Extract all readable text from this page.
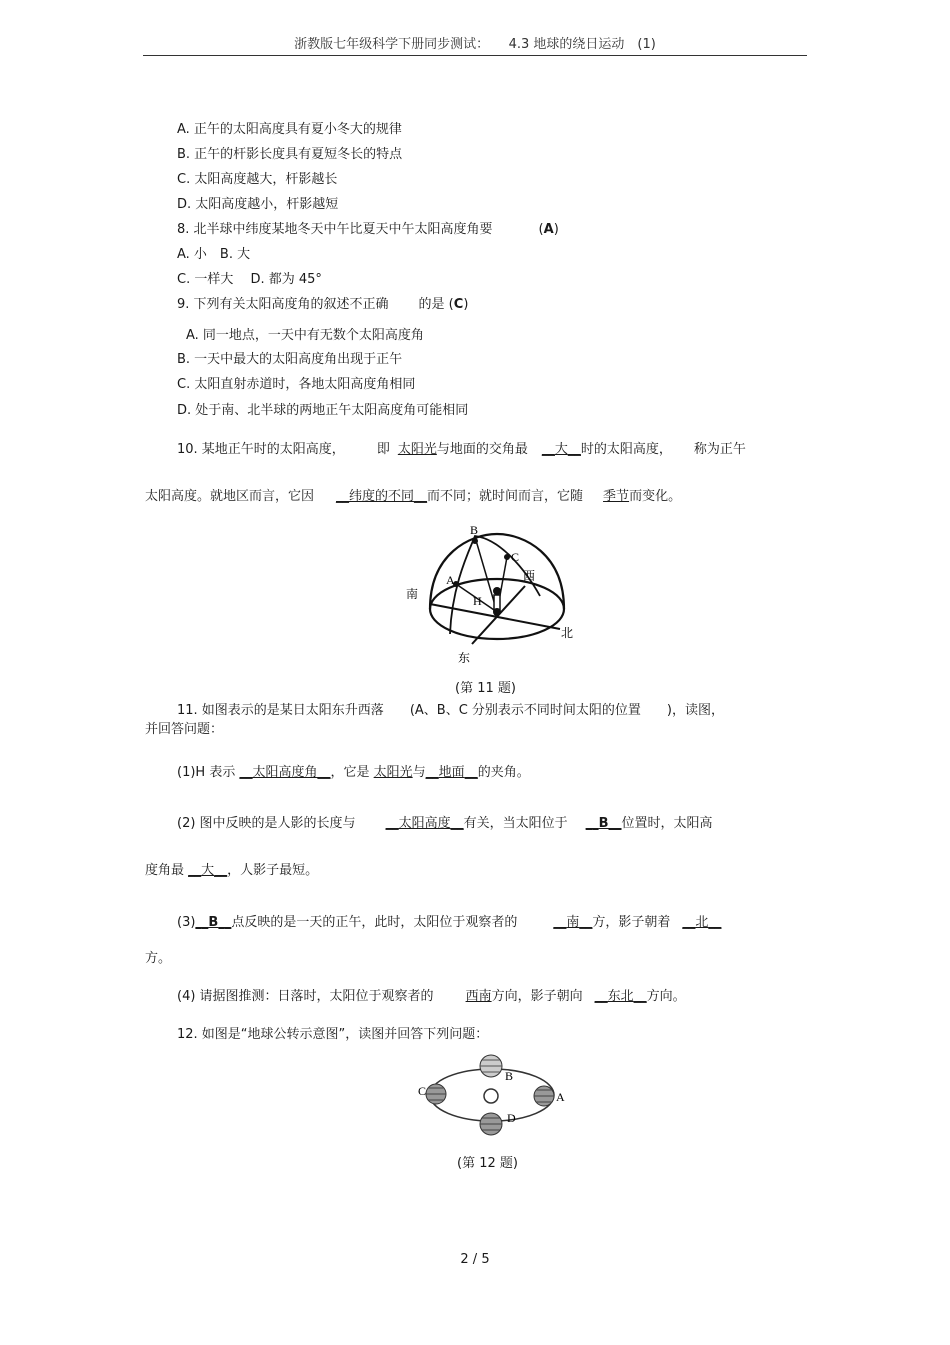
浙教版七年级科学下册同步测试：　　4.3 地球的绕日运动　(1)
A. 正午的太阳高度具有夏小冬大的规律
B. 正午的杆影长度具有夏短冬长的特点
C. 太阳高度越大，杆影越长
D. 太阳高度越小，杆影越短
8. 北半球中纬度某地冬天中午比夏天中午太阳高度角要	(A)
A. 小　B. 大
C. 一样大　 D. 都为 45°
9. 下列有关太阳高度角的叙述不正确 的是 (C)
A. 同一地点，一天中有无数个太阳高度角
B. 一天中最大的太阳高度角出现于正午
C. 太阳直射赤道时，各地太阳高度角相同
D. 处于南、北半球的两地正午太阳高度角可能相同
10. 某地正午时的太阳高度， 即 太阳光与地面的交角最 __大__时的太阳高度， 称为正午
太阳高度。就地区而言，它因 __纬度的不同__而不同；就时间而言，它随 季节而变化。
B
C
A
H
西
南
北
东
(第 11 题)
11. 如图表示的是某日太阳东升西落 (A、B、C 分别表示不同时间太阳的位置 )，读图，
并回答问题：
(1)H 表示 __太阳高度角__，它是 太阳光与__地面__的夹角。
(2) 图中反映的是人影的长度与 __太阳高度__有关，当太阳位于 __B__位置时，太阳高
度角最 __大__，人影子最短。
(3)__B__点反映的是一天的正午，此时，太阳位于观察者的	__南__方，影子朝着 __北__
方。
(4) 请据图推测：日落时，太阳位于观察者的 西南方向，影子朝向 __东北__方向。
12. 如图是“地球公转示意图”，读图并回答下列问题：
B
C	A
D
(第 12 题)
2 / 5
